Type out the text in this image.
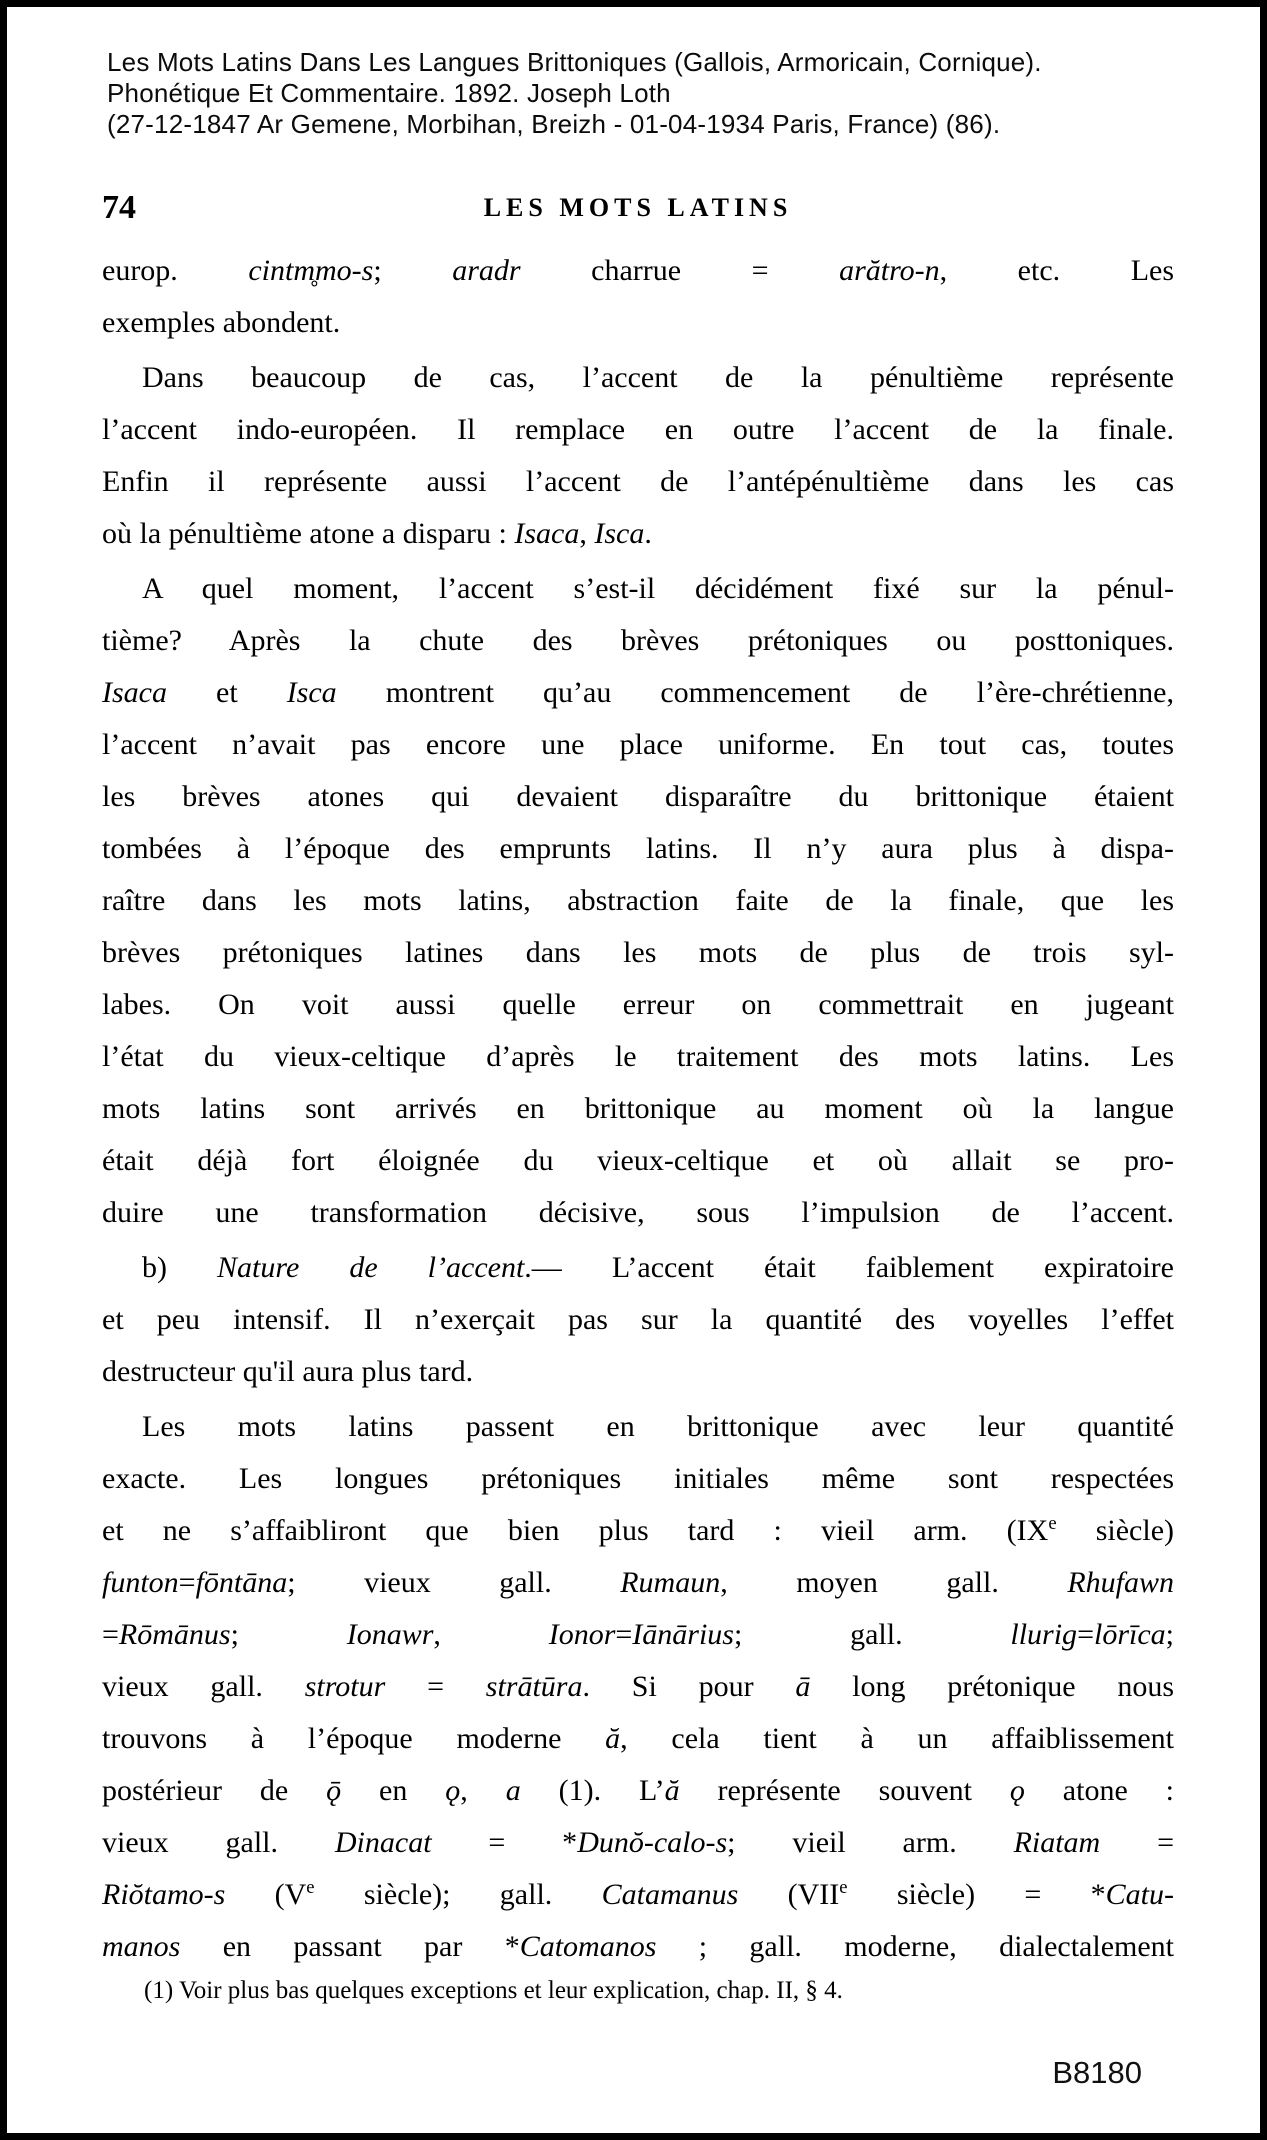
Les Mots Latins Dans Les Langues Brittoniques (Gallois, Armoricain, Cornique).
Phonétique Et Commentaire. 1892. Joseph Loth
(27-12-1847 Ar Gemene, Morbihan, Breizh - 01-04-1934 Paris, France) (86).
74	LES MOTS LATINS
europ. cintm̥mo-s; aradr charrue = arătro-n, etc. Les
exemples abondent.
Dans beaucoup de cas, l’accent de la pénultième représente
l’accent indo-européen. Il remplace en outre l’accent de la finale.
Enfin il représente aussi l’accent de l’antépénultième dans les cas
où la pénultième atone a disparu : Isaca, Isca.
A quel moment, l’accent s’est-il décidément fixé sur la pénul-
tième? Après la chute des brèves prétoniques ou posttoniques.
Isaca et Isca montrent qu’au commencement de l’ère-chrétienne,
l’accent n’avait pas encore une place uniforme. En tout cas, toutes
les brèves atones qui devaient disparaître du brittonique étaient
tombées à l’époque des emprunts latins. Il n’y aura plus à dispa-
raître dans les mots latins, abstraction faite de la finale, que les
brèves prétoniques latines dans les mots de plus de trois syl-
labes. On voit aussi quelle erreur on commettrait en jugeant
l’état du vieux-celtique d’après le traitement des mots latins. Les
mots latins sont arrivés en brittonique au moment où la langue
était déjà fort éloignée du vieux-celtique et où allait se pro-
duire une transformation décisive, sous l’impulsion de l’accent.
b) Nature de l’accent.— L’accent était faiblement expiratoire
et peu intensif. Il n’exerçait pas sur la quantité des voyelles l’effet
destructeur qu'il aura plus tard.
Les mots latins passent en brittonique avec leur quantité
exacte. Les longues prétoniques initiales même sont respectées
et ne s’affaibliront que bien plus tard : vieil arm. (IXe siècle)
funton=fōntāna; vieux gall. Rumaun, moyen gall. Rhufawn
=Rōmānus; Ionawr, Ionor=Iānārius; gall. llurig=lōrīca;
vieux gall. strotur = strātūra. Si pour ā long prétonique nous
trouvons à l’époque moderne ă, cela tient à un affaiblissement
postérieur de ǭ en ǫ, a (1). L’ă représente souvent ǫ atone :
vieux gall. Dinacat = *Dunŏ-calo-s; vieil arm. Riatam =
Riŏtamo-s (Ve siècle); gall. Catamanus (VIIe siècle) = *Catu-
manos en passant par *Catomanos ; gall. moderne, dialectalement
(1) Voir plus bas quelques exceptions et leur explication, chap. II, § 4.
B8180
